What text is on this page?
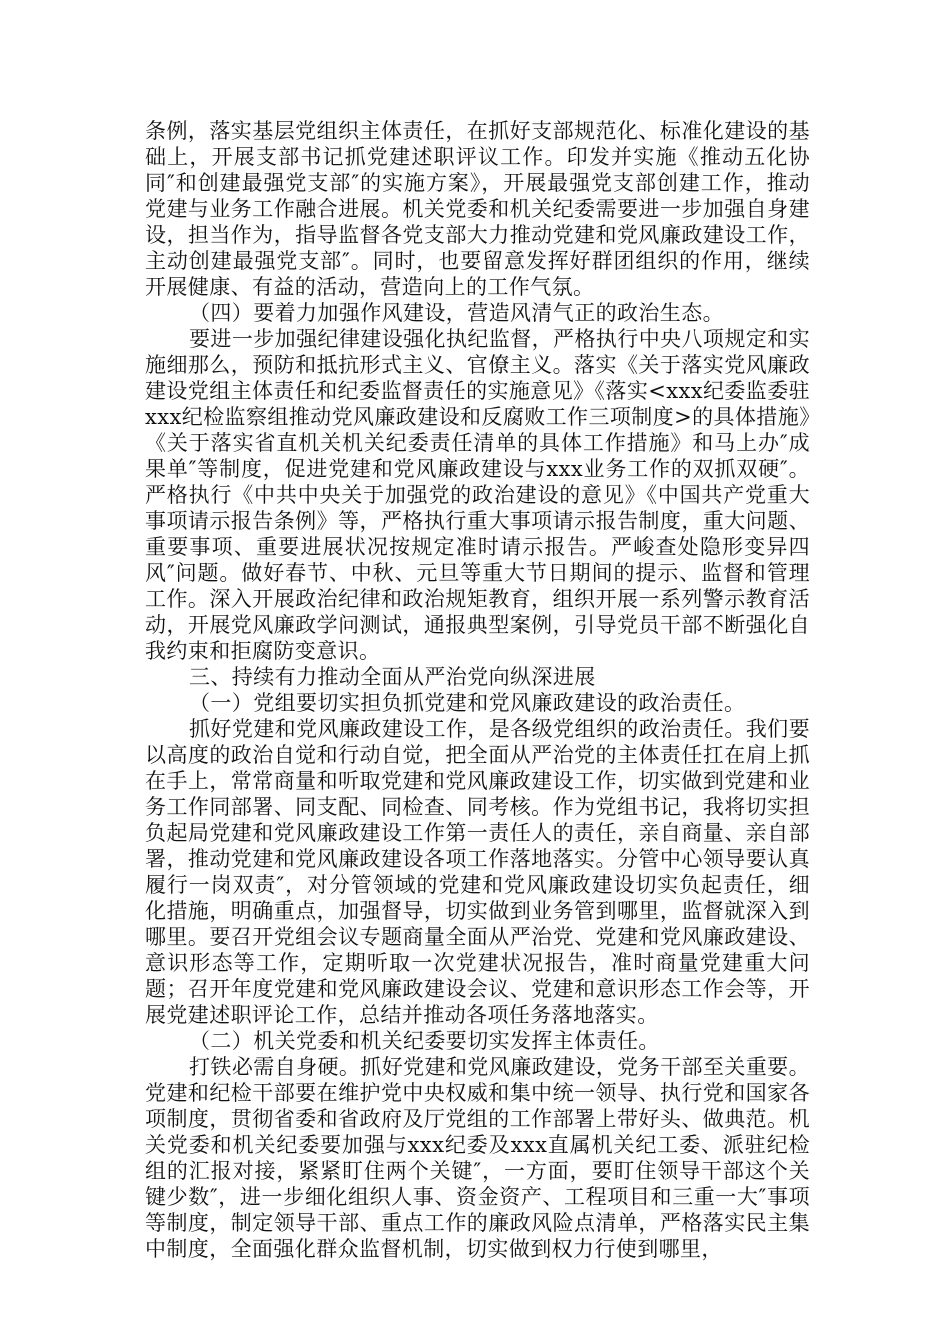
条例，落实基层党组织主体责任，在抓好支部规范化、标准化建设的基础上，开展支部书记抓党建述职评议工作。印发并实施《推动五化协同″和创建最强党支部″的实施方案》，开展最强党支部创建工作，推动党建与业务工作融合进展。机关党委和机关纪委需要进一步加强自身建设，担当作为，指导监督各党支部大力推动党建和党风廉政建设工作，主动创建最强党支部″。同时，也要留意发挥好群团组织的作用，继续开展健康、有益的活动，营造向上的工作气氛。

（四）要着力加强作风建设，营造风清气正的政治生态。

要进一步加强纪律建设强化执纪监督，严格执行中央八项规定和实施细那么，预防和抵抗形式主义、官僚主义。落实《关于落实党风廉政建设党组主体责任和纪委监督责任的实施意见》《落实<xxx纪委监委驻xxx纪检监察组推动党风廉政建设和反腐败工作三项制度>的具体措施》《关于落实省直机关机关纪委责任清单的具体工作措施》和马上办″成果单″等制度，促进党建和党风廉政建设与xxx业务工作的双抓双硬″。严格执行《中共中央关于加强党的政治建设的意见》《中国共产党重大事项请示报告条例》等，严格执行重大事项请示报告制度，重大问题、重要事项、重要进展状况按规定准时请示报告。严峻查处隐形变异四风″问题。做好春节、中秋、元旦等重大节日期间的提示、监督和管理工作。深入开展政治纪律和政治规矩教育，组织开展一系列警示教育活动，开展党风廉政学问测试，通报典型案例，引导党员干部不断强化自我约束和拒腐防变意识。

三、持续有力推动全面从严治党向纵深进展

（一）党组要切实担负抓党建和党风廉政建设的政治责任。

抓好党建和党风廉政建设工作，是各级党组织的政治责任。我们要以高度的政治自觉和行动自觉，把全面从严治党的主体责任扛在肩上抓在手上，常常商量和听取党建和党风廉政建设工作，切实做到党建和业务工作同部署、同支配、同检查、同考核。作为党组书记，我将切实担负起局党建和党风廉政建设工作第一责任人的责任，亲自商量、亲自部署，推动党建和党风廉政建设各项工作落地落实。分管中心领导要认真履行一岗双责″，对分管领域的党建和党风廉政建设切实负起责任，细化措施，明确重点，加强督导，切实做到业务管到哪里，监督就深入到哪里。要召开党组会议专题商量全面从严治党、党建和党风廉政建设、意识形态等工作，定期听取一次党建状况报告，准时商量党建重大问题；召开年度党建和党风廉政建设会议、党建和意识形态工作会等，开展党建述职评论工作，总结并推动各项任务落地落实。

（二）机关党委和机关纪委要切实发挥主体责任。

打铁必需自身硬。抓好党建和党风廉政建设，党务干部至关重要。党建和纪检干部要在维护党中央权威和集中统一领导、执行党和国家各项制度，贯彻省委和省政府及厅党组的工作部署上带好头、做典范。机关党委和机关纪委要加强与xxx纪委及xxx直属机关纪工委、派驻纪检组的汇报对接，紧紧盯住两个关键″，一方面，要盯住领导干部这个关键少数″，进一步细化组织人事、资金资产、工程项目和三重一大″事项等制度，制定领导干部、重点工作的廉政风险点清单，严格落实民主集中制度，全面强化群众监督机制，切实做到权力行使到哪里，
